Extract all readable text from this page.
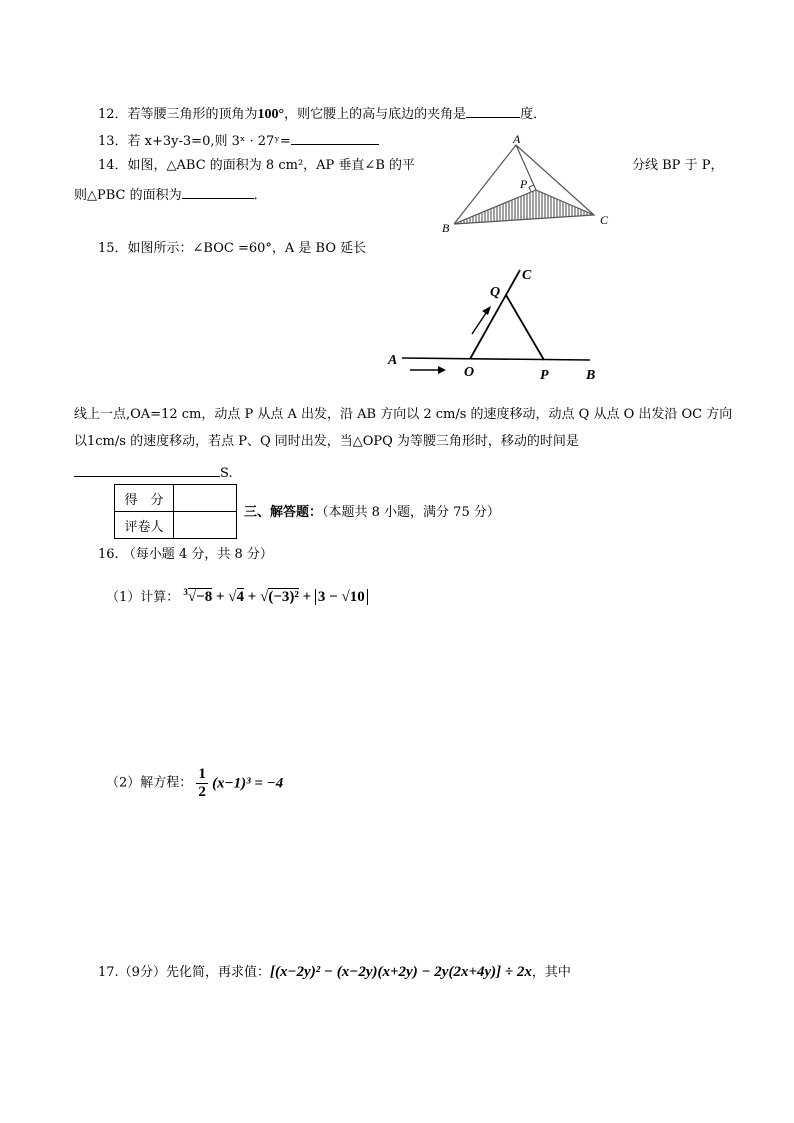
12．若等腰三角形的顶角为100°，则它腰上的高与底边的夹角是	度．
13．若 x+3y-3=0,则 3ˣ · 27ʸ=
14．如图，△ABC 的面积为 8 cm²，AP 垂直∠B 的平	分线 BP 于 P，
则△PBC 的面积为	．
A
P
B
C
15．如图所示：∠BOC =60°，A 是 BO 延长
A
O	P	B
Q
C
线上一点,OA=12 cm，动点 P 从点 A 出发，沿 AB 方向以 2 cm/s 的速度移动，动点 Q 从点 O 出发沿 OC 方向
以1cm/s 的速度移动，若点 P、Q 同时出发，当△OPQ 为等腰三角形时，移动的时间是
S.
得　分	
评卷人	
三、解答题：（本题共 8 小题，满分 75 分）
16. （每小题 4 分，共 8 分）
（1）计算： $^3$√−8 + √4 + √(−3)² + 3 − √10
（2）解方程： $\frac{1}{2} (x-1)^3 = -4$
17.（9分）先化简，再求值：[(x−2y)² − (x−2y)(x+2y) − 2y(2x+4y)] ÷ 2x，其中
